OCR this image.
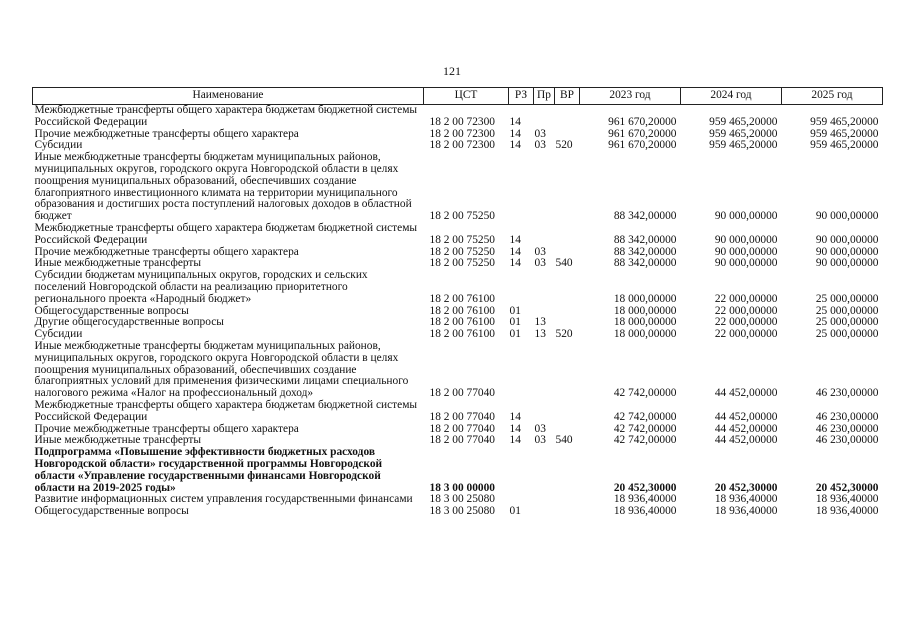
121
Наименование	ЦСТ	РЗ	Пр	ВР	2023 год	2024 год	2025 год
Межбюджетные трансферты общего характера бюджетам бюджетной системы Российской Федерации	18 2 00 72300	14			961 670,20000	959 465,20000	959 465,20000
Прочие межбюджетные трансферты общего характера	18 2 00 72300	14	03		961 670,20000	959 465,20000	959 465,20000
Субсидии	18 2 00 72300	14	03	520	961 670,20000	959 465,20000	959 465,20000
Иные межбюджетные трансферты бюджетам муниципальных районов, муниципальных округов, городского округа Новгородской области в целях поощрения муниципальных образований, обеспечивших создание благоприятного инвестиционного климата на территории муниципального образования и достигших роста поступлений налоговых доходов в областной бюджет	18 2 00 75250				88 342,00000	90 000,00000	90 000,00000
Межбюджетные трансферты общего характера бюджетам бюджетной системы Российской Федерации	18 2 00 75250	14			88 342,00000	90 000,00000	90 000,00000
Прочие межбюджетные трансферты общего характера	18 2 00 75250	14	03		88 342,00000	90 000,00000	90 000,00000
Иные межбюджетные трансферты	18 2 00 75250	14	03	540	88 342,00000	90 000,00000	90 000,00000
Субсидии бюджетам муниципальных округов, городских и сельских поселений Новгородской области на реализацию приоритетного регионального проекта «Народный бюджет»	18 2 00 76100				18 000,00000	22 000,00000	25 000,00000
Общегосударственные вопросы	18 2 00 76100	01			18 000,00000	22 000,00000	25 000,00000
Другие общегосударственные вопросы	18 2 00 76100	01	13		18 000,00000	22 000,00000	25 000,00000
Субсидии	18 2 00 76100	01	13	520	18 000,00000	22 000,00000	25 000,00000
Иные межбюджетные трансферты бюджетам муниципальных районов, муниципальных округов, городского округа Новгородской области в целях поощрения муниципальных образований, обеспечивших создание благоприятных условий для применения физическими лицами специального налогового режима «Налог на профессиональный доход»	18 2 00 77040				42 742,00000	44 452,00000	46 230,00000
Межбюджетные трансферты общего характера бюджетам бюджетной системы Российской Федерации	18 2 00 77040	14			42 742,00000	44 452,00000	46 230,00000
Прочие межбюджетные трансферты общего характера	18 2 00 77040	14	03		42 742,00000	44 452,00000	46 230,00000
Иные межбюджетные трансферты	18 2 00 77040	14	03	540	42 742,00000	44 452,00000	46 230,00000
Подпрограмма «Повышение эффективности бюджетных расходов Новгородской области» государственной программы Новгородской области «Управление государственными финансами Новгородской области на 2019-2025 годы»	18 3 00 00000				20 452,30000	20 452,30000	20 452,30000
Развитие информационных систем управления государственными финансами	18 3 00 25080				18 936,40000	18 936,40000	18 936,40000
Общегосударственные вопросы	18 3 00 25080	01			18 936,40000	18 936,40000	18 936,40000
